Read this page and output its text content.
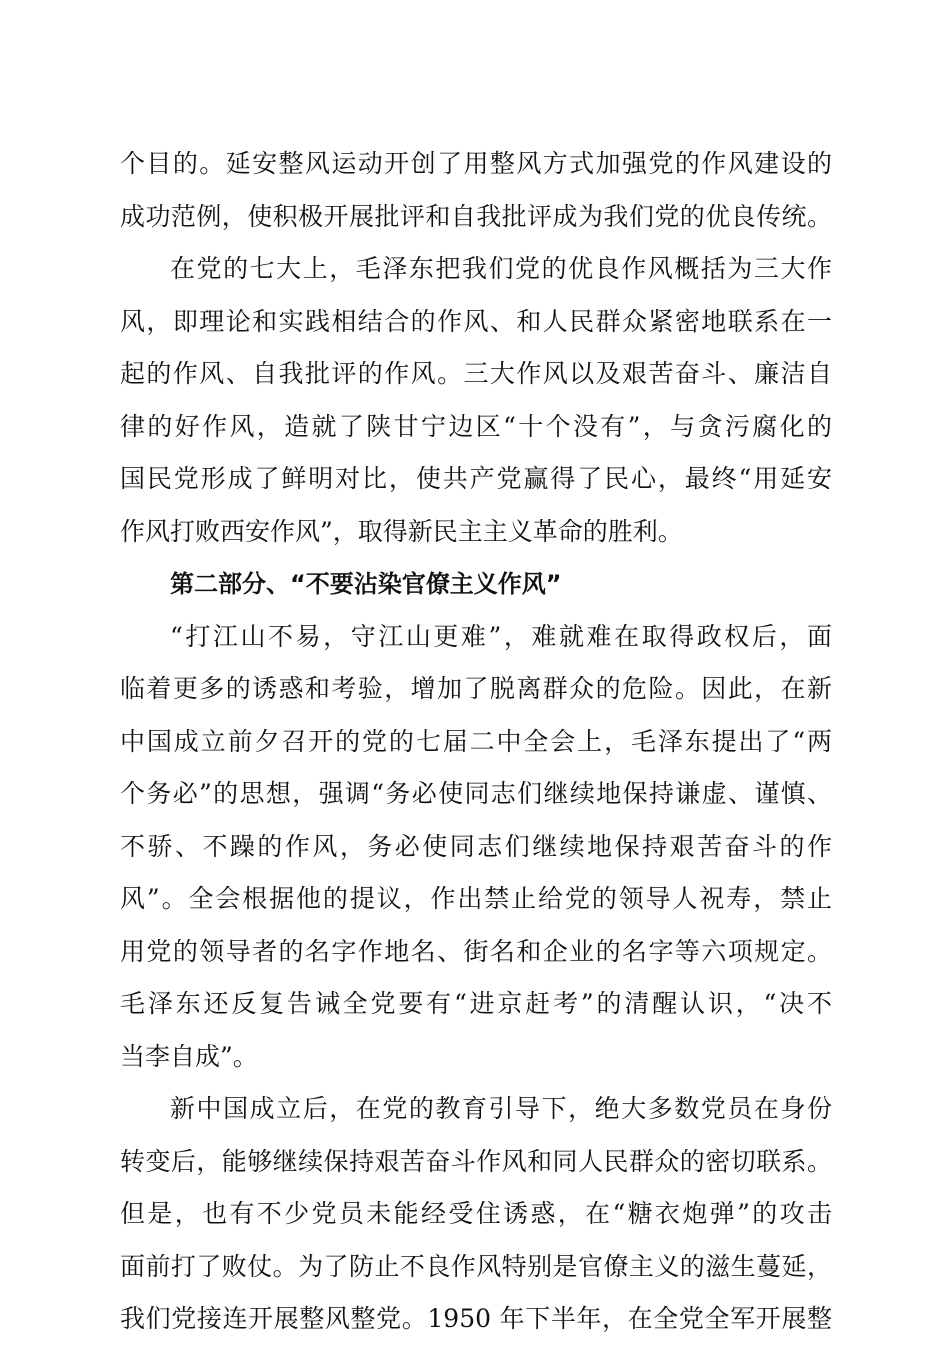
个目的。延安整风运动开创了用整风方式加强党的作风建设的
成功范例，使积极开展批评和自我批评成为我们党的优良传统。
在党的七大上，毛泽东把我们党的优良作风概括为三大作
风，即理论和实践相结合的作风、和人民群众紧密地联系在一
起的作风、自我批评的作风。三大作风以及艰苦奋斗、廉洁自
律的好作风，造就了陕甘宁边区“十个没有”，与贪污腐化的
国民党形成了鲜明对比，使共产党赢得了民心，最终“用延安
作风打败西安作风”，取得新民主主义革命的胜利。
第二部分、“不要沾染官僚主义作风”
“打江山不易，守江山更难”，难就难在取得政权后，面
临着更多的诱惑和考验，增加了脱离群众的危险。因此，在新
中国成立前夕召开的党的七届二中全会上，毛泽东提出了“两
个务必”的思想，强调“务必使同志们继续地保持谦虚、谨慎、
不骄、不躁的作风，务必使同志们继续地保持艰苦奋斗的作
风”。全会根据他的提议，作出禁止给党的领导人祝寿，禁止
用党的领导者的名字作地名、街名和企业的名字等六项规定。
毛泽东还反复告诫全党要有“进京赶考”的清醒认识，“决不
当李自成”。
新中国成立后，在党的教育引导下，绝大多数党员在身份
转变后，能够继续保持艰苦奋斗作风和同人民群众的密切联系。
但是，也有不少党员未能经受住诱惑，在“糖衣炮弹”的攻击
面前打了败仗。为了防止不良作风特别是官僚主义的滋生蔓延，
我们党接连开展整风整党。1950 年下半年，在全党全军开展整
